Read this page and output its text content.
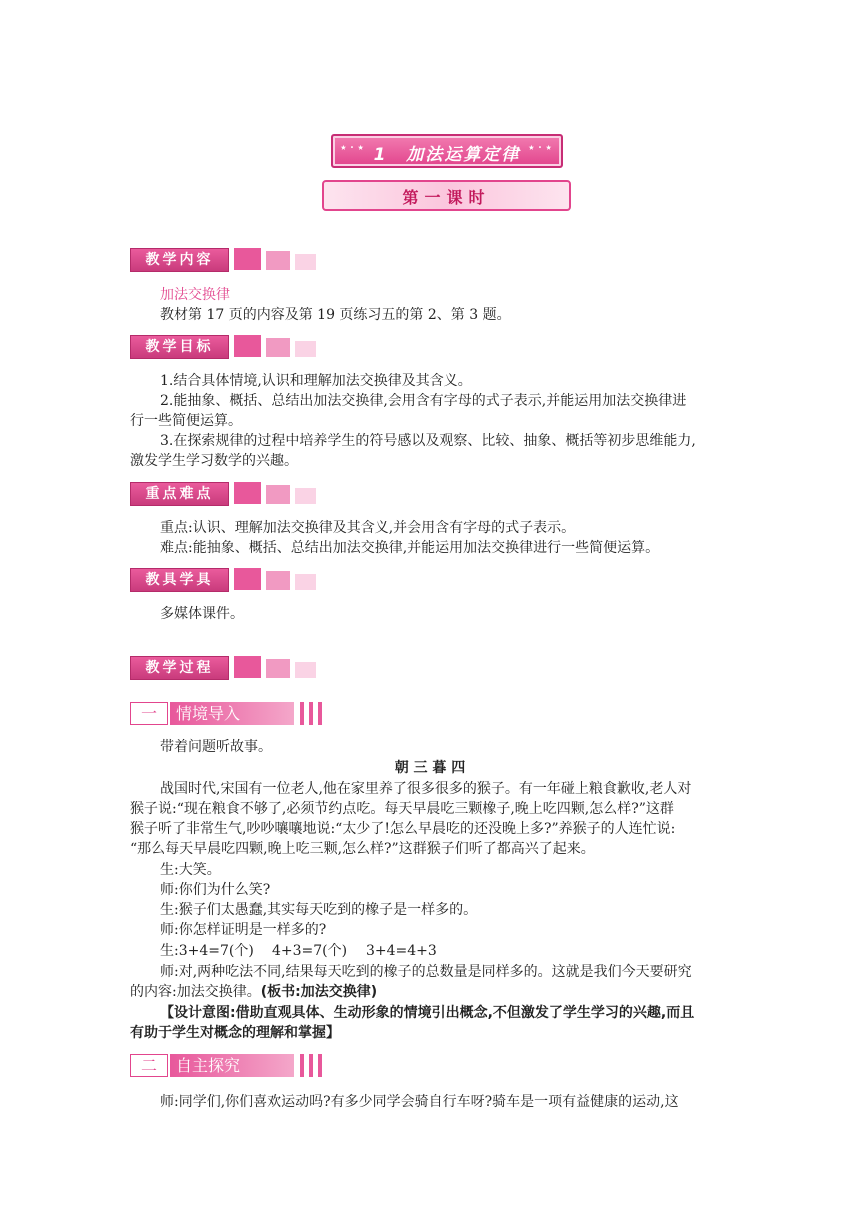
⋆·⋆ 1　加法运算定律 ⋆·⋆
第一课时
教学内容
加法交换律
教材第 17 页的内容及第 19 页练习五的第 2、第 3 题。
教学目标
1.结合具体情境,认识和理解加法交换律及其含义。
2.能抽象、概括、总结出加法交换律,会用含有字母的式子表示,并能运用加法交换律进
行一些简便运算。
3.在探索规律的过程中培养学生的符号感以及观察、比较、抽象、概括等初步思维能力,
激发学生学习数学的兴趣。
重点难点
重点:认识、理解加法交换律及其含义,并会用含有字母的式子表示。
难点:能抽象、概括、总结出加法交换律,并能运用加法交换律进行一些简便运算。
教具学具
多媒体课件。
教学过程
一	情境导入
带着问题听故事。
朝 三 暮 四
战国时代,宋国有一位老人,他在家里养了很多很多的猴子。有一年碰上粮食歉收,老人对
猴子说:“现在粮食不够了,必须节约点吃。每天早晨吃三颗橡子,晚上吃四颗,怎么样?”这群
猴子听了非常生气,吵吵嚷嚷地说:“太少了!怎么早晨吃的还没晚上多?”养猴子的人连忙说:
“那么每天早晨吃四颗,晚上吃三颗,怎么样?”这群猴子们听了都高兴了起来。
生:大笑。
师:你们为什么笑?
生:猴子们太愚蠢,其实每天吃到的橡子是一样多的。
师:你怎样证明是一样多的?
生:3+4=7(个) 4+3=7(个) 3+4=4+3
师:对,两种吃法不同,结果每天吃到的橡子的总数量是同样多的。这就是我们今天要研究
的内容:加法交换律。(板书:加法交换律)
【设计意图:借助直观具体、生动形象的情境引出概念,不但激发了学生学习的兴趣,而且
有助于学生对概念的理解和掌握】
二	自主探究
师:同学们,你们喜欢运动吗?有多少同学会骑自行车呀?骑车是一项有益健康的运动,这
